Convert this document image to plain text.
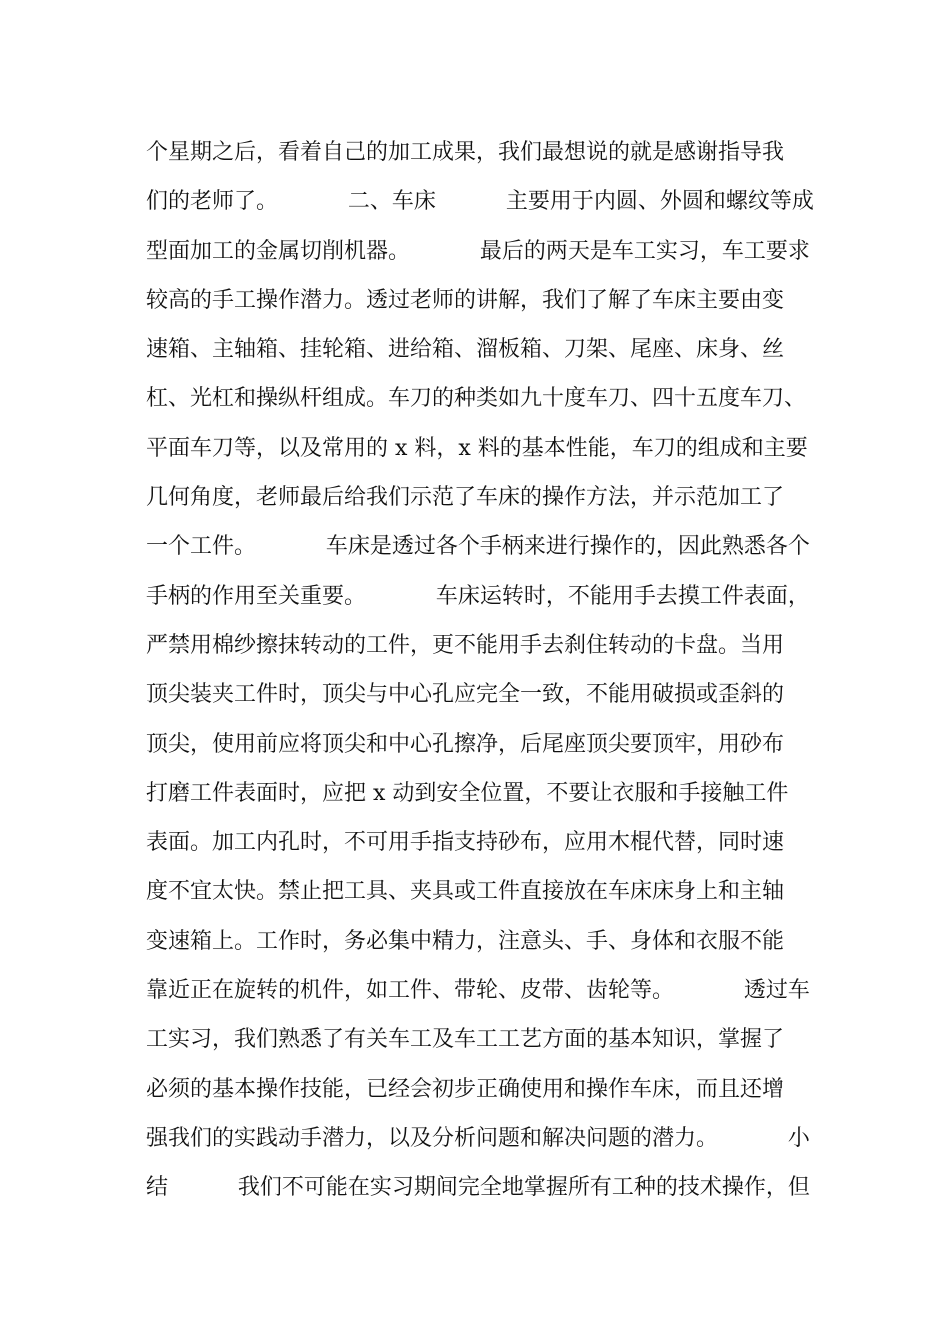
个星期之后，看着自己的加工成果，我们最想说的就是感谢指导我
们的老师了。          二、车床          主要用于内圆、外圆和螺纹等成
型面加工的金属切削机器。          最后的两天是车工实习，车工要求
较高的手工操作潜力。透过老师的讲解，我们了解了车床主要由变
速箱、主轴箱、挂轮箱、进给箱、溜板箱、刀架、尾座、床身、丝
杠、光杠和操纵杆组成。车刀的种类如九十度车刀、四十五度车刀、
平面车刀等，以及常用的 x 料，x 料的基本性能，车刀的组成和主要
几何角度，老师最后给我们示范了车床的操作方法，并示范加工了
一个工件。          车床是透过各个手柄来进行操作的，因此熟悉各个
手柄的作用至关重要。          车床运转时，不能用手去摸工件表面，
严禁用棉纱擦抹转动的工件，更不能用手去刹住转动的卡盘。当用
顶尖装夹工件时，顶尖与中心孔应完全一致，不能用破损或歪斜的
顶尖，使用前应将顶尖和中心孔擦净，后尾座顶尖要顶牢，用砂布
打磨工件表面时，应把 x 动到安全位置，不要让衣服和手接触工件
表面。加工内孔时，不可用手指支持砂布，应用木棍代替，同时速
度不宜太快。禁止把工具、夹具或工件直接放在车床床身上和主轴
变速箱上。工作时，务必集中精力，注意头、手、身体和衣服不能
靠近正在旋转的机件，如工件、带轮、皮带、齿轮等。          透过车
工实习，我们熟悉了有关车工及车工工艺方面的基本知识，掌握了
必须的基本操作技能，已经会初步正确使用和操作车床，而且还增
强我们的实践动手潜力，以及分析问题和解决问题的潜力。          小
结          我们不可能在实习期间完全地掌握所有工种的技术操作，但
